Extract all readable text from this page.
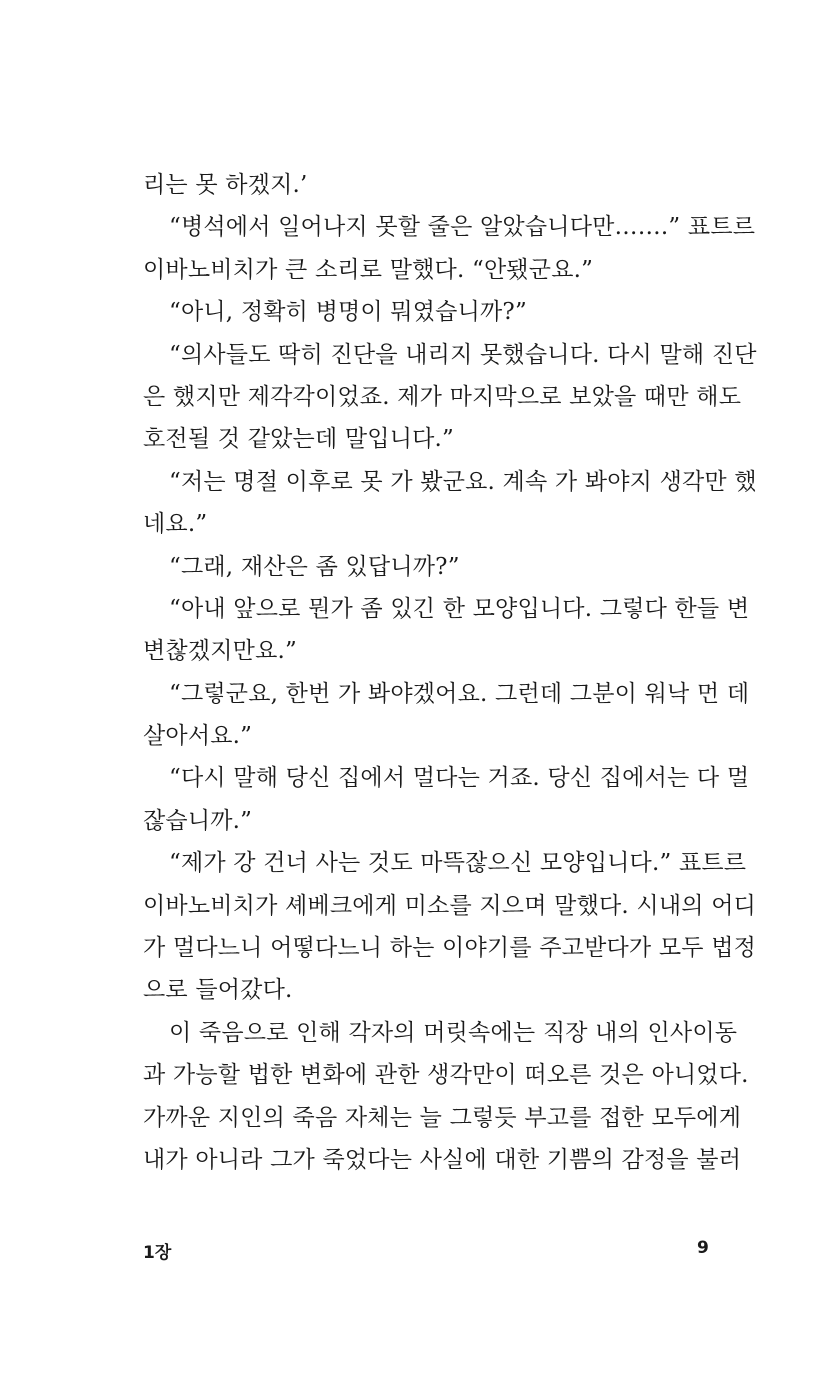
리는 못 하겠지.’
“병석에서 일어나지 못할 줄은 알았습니다만…….” 표트르
이바노비치가 큰 소리로 말했다. “안됐군요.”
“아니, 정확히 병명이 뭐였습니까?”
“의사들도 딱히 진단을 내리지 못했습니다. 다시 말해 진단
은 했지만 제각각이었죠. 제가 마지막으로 보았을 때만 해도
호전될 것 같았는데 말입니다.”
“저는 명절 이후로 못 가 봤군요. 계속 가 봐야지 생각만 했
네요.”
“그래, 재산은 좀 있답니까?”
“아내 앞으로 뭔가 좀 있긴 한 모양입니다. 그렇다 한들 변
변찮겠지만요.”
“그렇군요, 한번 가 봐야겠어요. 그런데 그분이 워낙 먼 데
살아서요.”
“다시 말해 당신 집에서 멀다는 거죠. 당신 집에서는 다 멀
잖습니까.”
“제가 강 건너 사는 것도 마뜩잖으신 모양입니다.” 표트르
이바노비치가 셰베크에게 미소를 지으며 말했다. 시내의 어디
가 멀다느니 어떻다느니 하는 이야기를 주고받다가 모두 법정
으로 들어갔다.
이 죽음으로 인해 각자의 머릿속에는 직장 내의 인사이동
과 가능할 법한 변화에 관한 생각만이 떠오른 것은 아니었다.
가까운 지인의 죽음 자체는 늘 그렇듯 부고를 접한 모두에게
내가 아니라 그가 죽었다는 사실에 대한 기쁨의 감정을 불러
1장	9
